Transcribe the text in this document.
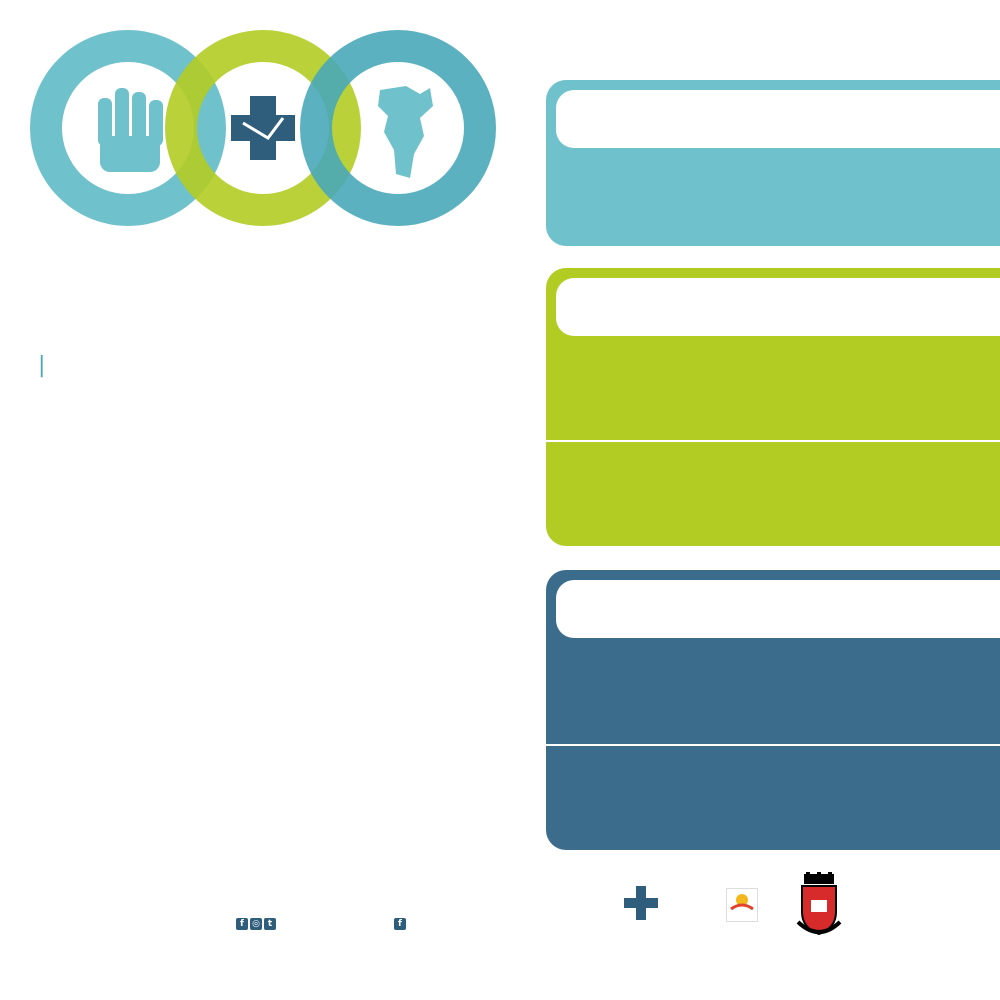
|
f ◎ t	f
